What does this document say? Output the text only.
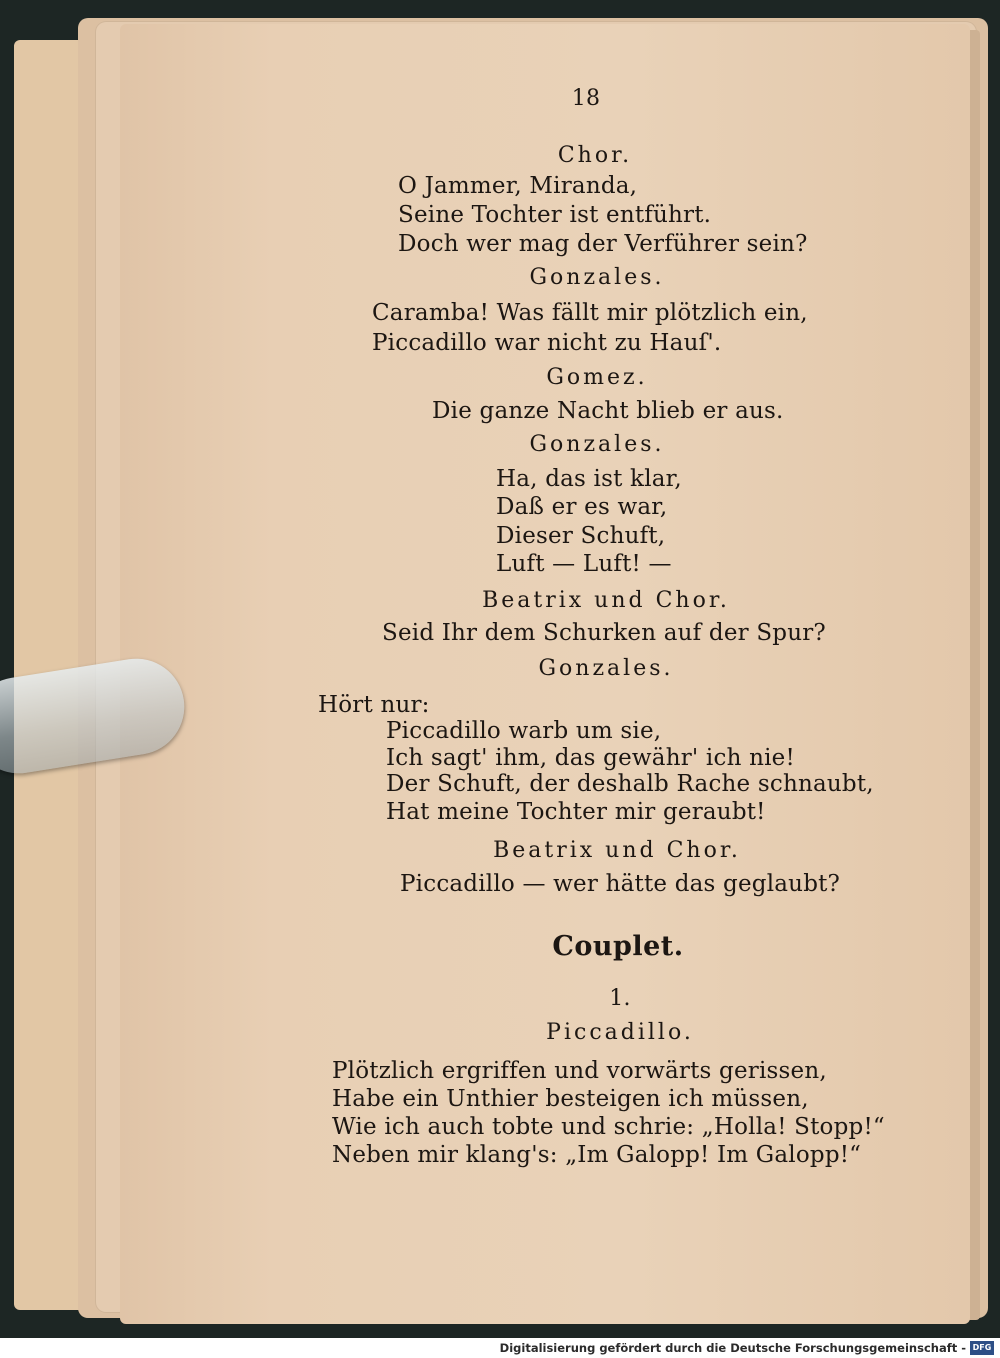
18
Chor.
O Jammer, Miranda,
Seine Tochter ist entführt.
Doch wer mag der Verführer sein?
Gonzales.
Caramba! Was fällt mir plötzlich ein,
Piccadillo war nicht zu Hauſ'.
Gomez.
Die ganze Nacht blieb er aus.
Gonzales.
Ha, das ist klar,
Daß er es war,
Dieser Schuft,
Luft — Luft! —
Beatrix und Chor.
Seid Ihr dem Schurken auf der Spur?
Gonzales.
Hört nur:
Piccadillo warb um sie,
Ich sagt' ihm, das gewähr' ich nie!
Der Schuft, der deshalb Rache schnaubt,
Hat meine Tochter mir geraubt!
Beatrix und Chor.
Piccadillo — wer hätte das geglaubt?
Couplet.
1.
Piccadillo.
Plötzlich ergriffen und vorwärts gerissen,
Habe ein Unthier besteigen ich müssen,
Wie ich auch tobte und schrie: „Holla! Stopp!“
Neben mir klang's: „Im Galopp! Im Galopp!“
Digitalisierung gefördert durch die Deutsche Forschungsgemeinschaft - DFG
